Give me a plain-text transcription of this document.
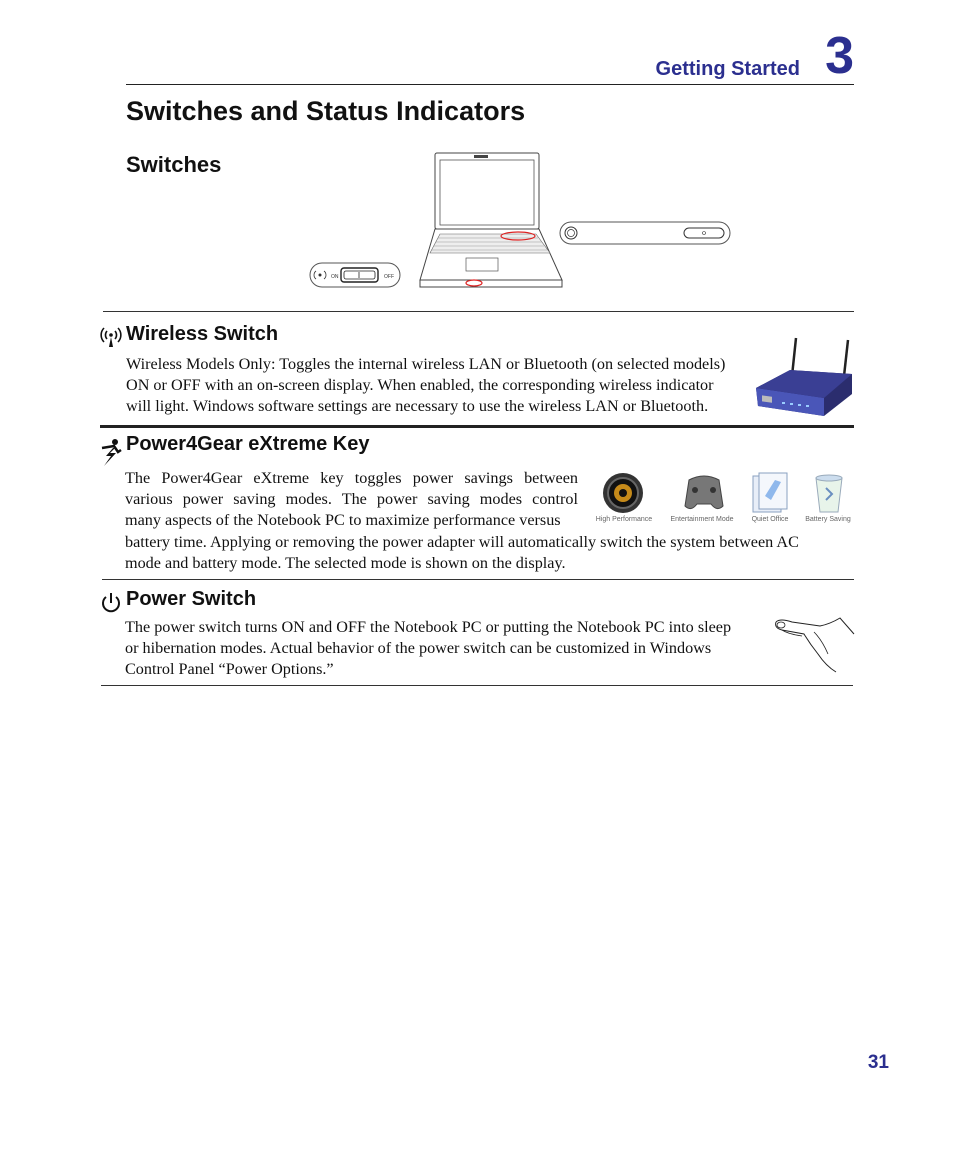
Getting Started 3
Switches and Status Indicators
Switches
ON	OFF
Wireless Switch
Wireless Models Only: Toggles the internal wireless LAN or Bluetooth (on selected models)
ON or OFF with an on-screen display. When enabled, the corresponding wireless indicator
will light. Windows software settings are necessary to use the wireless LAN or Bluetooth.
Power4Gear eXtreme Key
The Power4Gear eXtreme key toggles power savings between
various power saving modes. The power saving modes control
many aspects of the Notebook PC to maximize performance versus
battery time. Applying or removing the power adapter will automatically switch the system between AC
mode and battery mode. The selected mode is shown on the display.
High Performance	Entertainment Mode	Quiet Office	Battery Saving
Power Switch
The power switch turns ON and OFF the Notebook PC or putting the Notebook PC into sleep
or hibernation modes. Actual behavior of the power switch can be customized in Windows
Control Panel “Power Options.”
31
